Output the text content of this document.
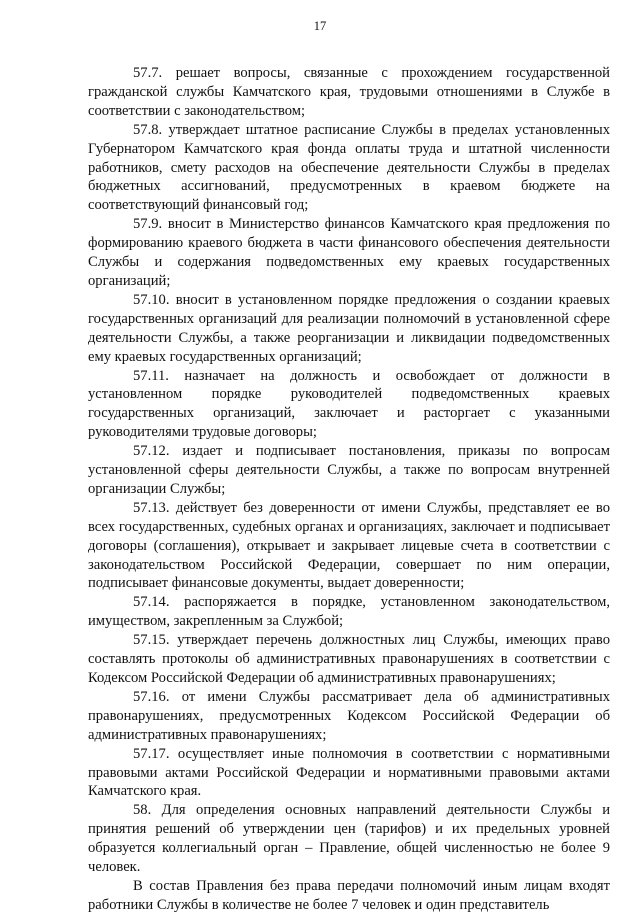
17

57.7. решает вопросы, связанные с прохождением государственной гражданской службы Камчатского края, трудовыми отношениями в Службе в соответствии с законодательством;

57.8. утверждает штатное расписание Службы в пределах установленных Губернатором Камчатского края фонда оплаты труда и штатной численности работников, смету расходов на обеспечение деятельности Службы в пределах бюджетных ассигнований, предусмотренных в краевом бюджете на соответствующий финансовый год;

57.9. вносит в Министерство финансов Камчатского края предложения по формированию краевого бюджета в части финансового обеспечения деятельности Службы и содержания подведомственных ему краевых государственных организаций;

57.10. вносит в установленном порядке предложения о создании краевых государственных организаций для реализации полномочий в установленной сфере деятельности Службы, а также реорганизации и ликвидации подведомственных ему краевых государственных организаций;

57.11. назначает на должность и освобождает от должности в установленном порядке руководителей подведомственных краевых государственных организаций, заключает и расторгает с указанными руководителями трудовые договоры;

57.12. издает и подписывает постановления, приказы по вопросам установленной сферы деятельности Службы, а также по вопросам внутренней организации Службы;

57.13. действует без доверенности от имени Службы, представляет ее во всех государственных, судебных органах и организациях, заключает и подписывает договоры (соглашения), открывает и закрывает лицевые счета в соответствии с законодательством Российской Федерации, совершает по ним операции, подписывает финансовые документы, выдает доверенности;

57.14. распоряжается в порядке, установленном законодательством, имуществом, закрепленным за Службой;

57.15. утверждает перечень должностных лиц Службы, имеющих право составлять протоколы об административных правонарушениях в соответствии с Кодексом Российской Федерации об административных правонарушениях;

57.16. от имени Службы рассматривает дела об административных правонарушениях, предусмотренных Кодексом Российской Федерации об административных правонарушениях;

57.17. осуществляет иные полномочия в соответствии с нормативными правовыми актами Российской Федерации и нормативными правовыми актами Камчатского края.

58. Для определения основных направлений деятельности Службы и принятия решений об утверждении цен (тарифов) и их предельных уровней образуется коллегиальный орган – Правление, общей численностью не более 9 человек.

В состав Правления без права передачи полномочий иным лицам входят работники Службы в количестве не более 7 человек и один представитель
